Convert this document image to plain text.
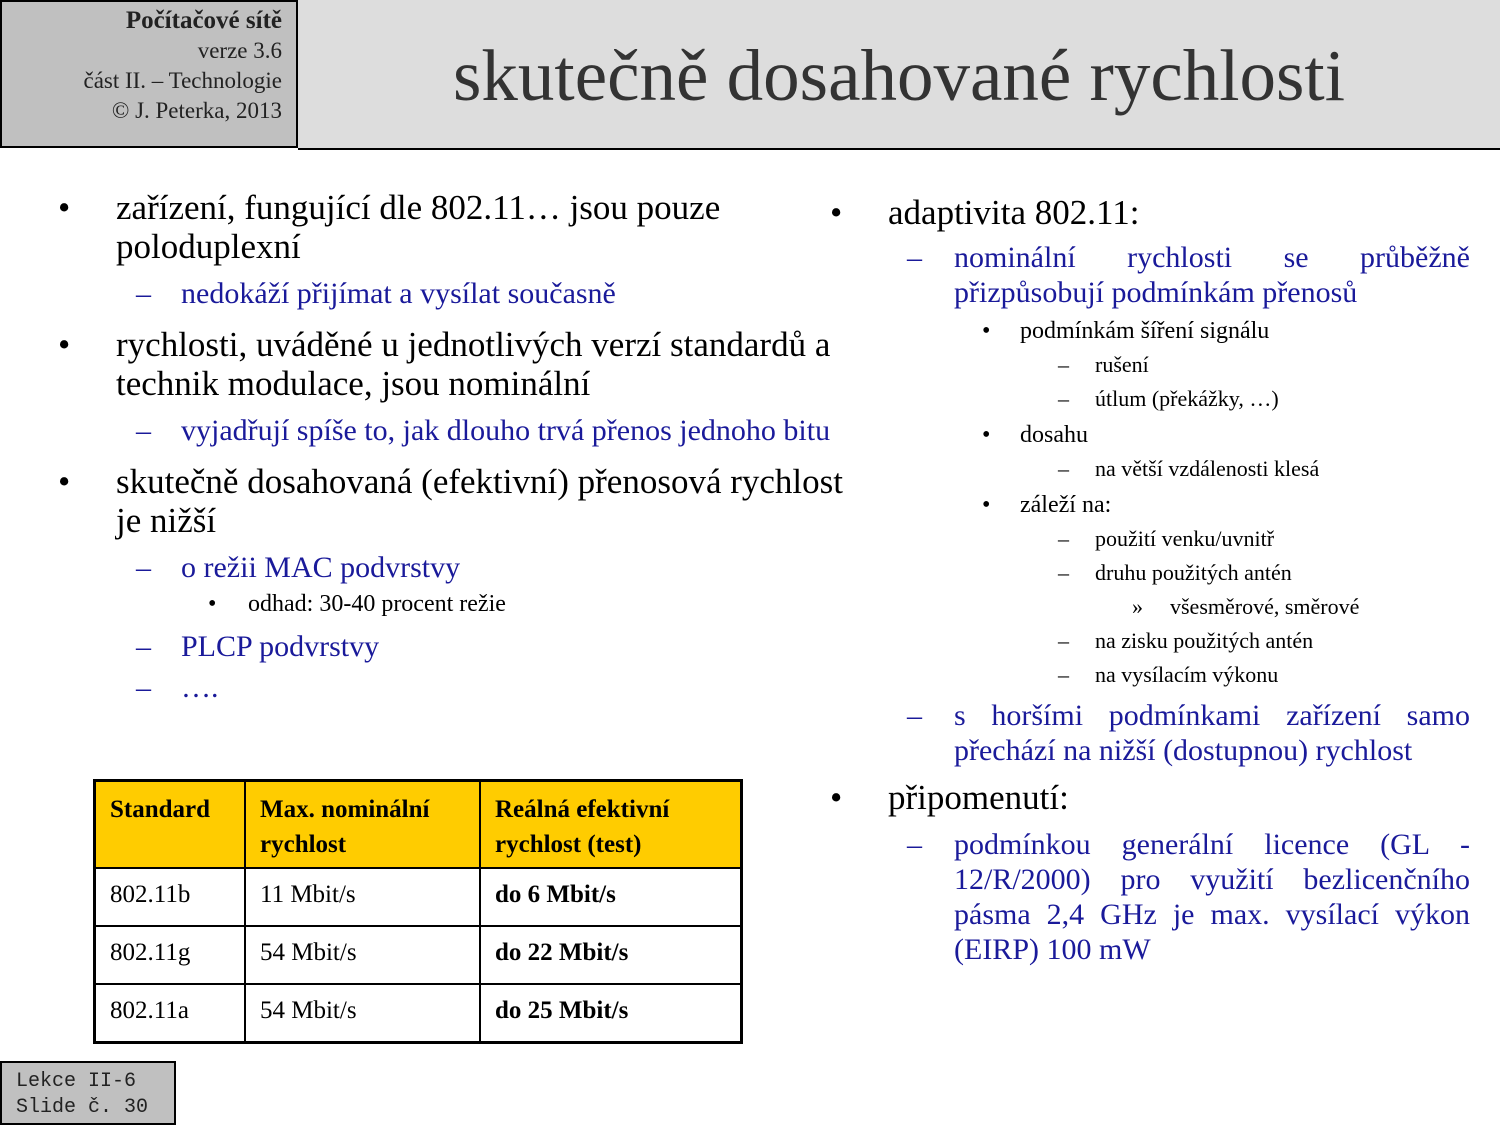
Počítačové sítě
verze 3.6
část II. – Technologie
© J. Peterka, 2013	skutečně dosahované rychlosti
• zařízení, fungující dle 802.11… jsou pouze poloduplexní
– nedokáží přijímat a vysílat současně
• rychlosti, uváděné u jednotlivých verzí standardů a technik modulace, jsou nominální
– vyjadřují spíše to, jak dlouho trvá přenos jednoho bitu
• skutečně dosahovaná (efektivní) přenosová rychlost je nižší
– o režii MAC podvrstvy
• odhad: 30-40 procent režie
– PLCP podvrstvy
– ….
Standard	Max. nominální rychlost	Reálná efektivní rychlost (test)
802.11b	11 Mbit/s	do 6 Mbit/s
802.11g	54 Mbit/s	do 22 Mbit/s
802.11a	54 Mbit/s	do 25 Mbit/s
• adaptivita 802.11:
– nominální rychlosti se průběžně přizpůsobují podmínkám přenosů
• podmínkám šíření signálu
– rušení
– útlum (překážky, …)
• dosahu
– na větší vzdálenosti klesá
• záleží na:
– použití venku/uvnitř
– druhu použitých antén
» všesměrové, směrové
– na zisku použitých antén
– na vysílacím výkonu
– s horšími podmínkami zařízení samo přechází na nižší (dostupnou) rychlost
• připomenutí:
– podmínkou generální licence (GL - 12/R/2000) pro využití bezlicenčního pásma 2,4 GHz je max. vysílací výkon (EIRP) 100 mW
Lekce II-6
Slide č. 30
